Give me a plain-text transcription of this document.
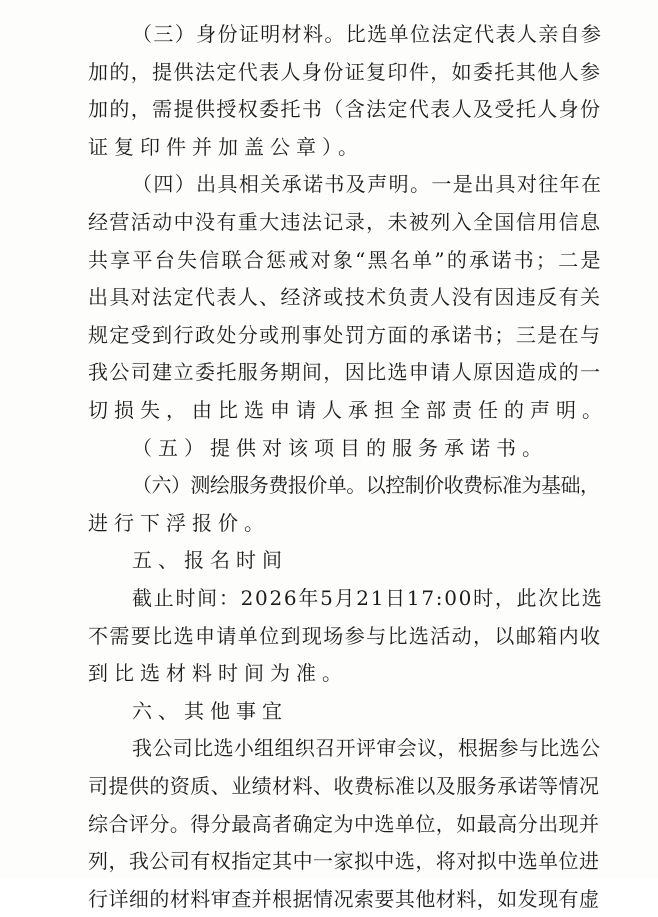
（三）身份证明材料。比选单位法定代表人亲自参
加的，提供法定代表人身份证复印件，如委托其他人参
加的，需提供授权委托书（含法定代表人及受托人身份
证复印件并加盖公章）。
（四）出具相关承诺书及声明。一是出具对往年在
经营活动中没有重大违法记录，未被列入全国信用信息
共享平台失信联合惩戒对象“黑名单”的承诺书；二是
出具对法定代表人、经济或技术负责人没有因违反有关
规定受到行政处分或刑事处罚方面的承诺书；三是在与
我公司建立委托服务期间，因比选申请人原因造成的一
切损失，由比选申请人承担全部责任的声明。
（五）提供对该项目的服务承诺书。
（六）测绘服务费报价单。以控制价收费标准为基础，
进行下浮报价。
五、报名时间
截止时间：2026年5月21日17:00时，此次比选
不需要比选申请单位到现场参与比选活动，以邮箱内收
到比选材料时间为准。
六、其他事宜
我公司比选小组组织召开评审会议，根据参与比选公
司提供的资质、业绩材料、收费标准以及服务承诺等情况
综合评分。得分最高者确定为中选单位，如最高分出现并
列，我公司有权指定其中一家拟中选，将对拟中选单位进
行详细的材料审查并根据情况索要其他材料，如发现有虚
